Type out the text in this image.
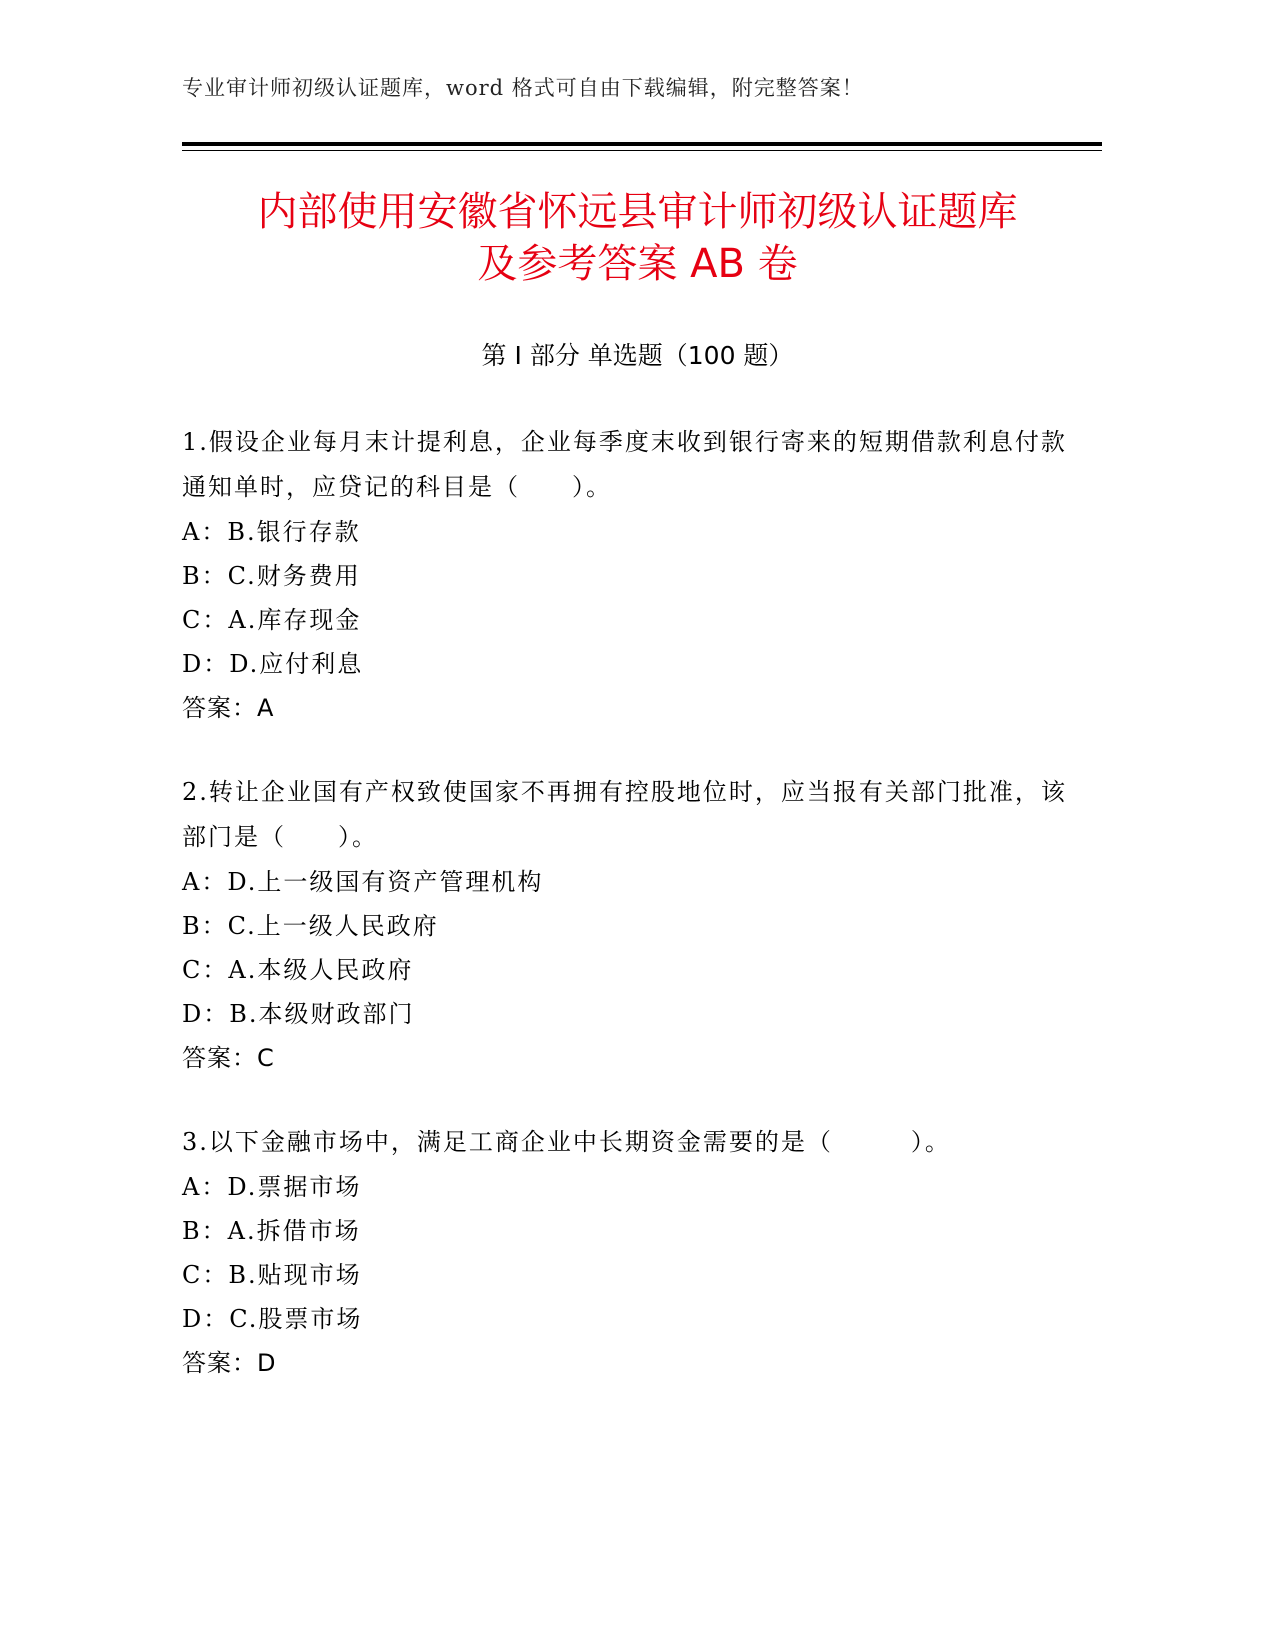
专业审计师初级认证题库，word 格式可自由下载编辑，附完整答案！
内部使用安徽省怀远县审计师初级认证题库
及参考答案 AB 卷
第 I 部分 单选题（100 题）
1.假设企业每月末计提利息，企业每季度末收到银行寄来的短期借款利息付款通知单时，应贷记的科目是（　　）。
A：B.银行存款
B：C.财务费用
C：A.库存现金
D：D.应付利息
答案：A
2.转让企业国有产权致使国家不再拥有控股地位时，应当报有关部门批准，该部门是（　　）。
A：D.上一级国有资产管理机构
B：C.上一级人民政府
C：A.本级人民政府
D：B.本级财政部门
答案：C
3.以下金融市场中，满足工商企业中长期资金需要的是（　　　）。
A：D.票据市场
B：A.拆借市场
C：B.贴现市场
D：C.股票市场
答案：D
